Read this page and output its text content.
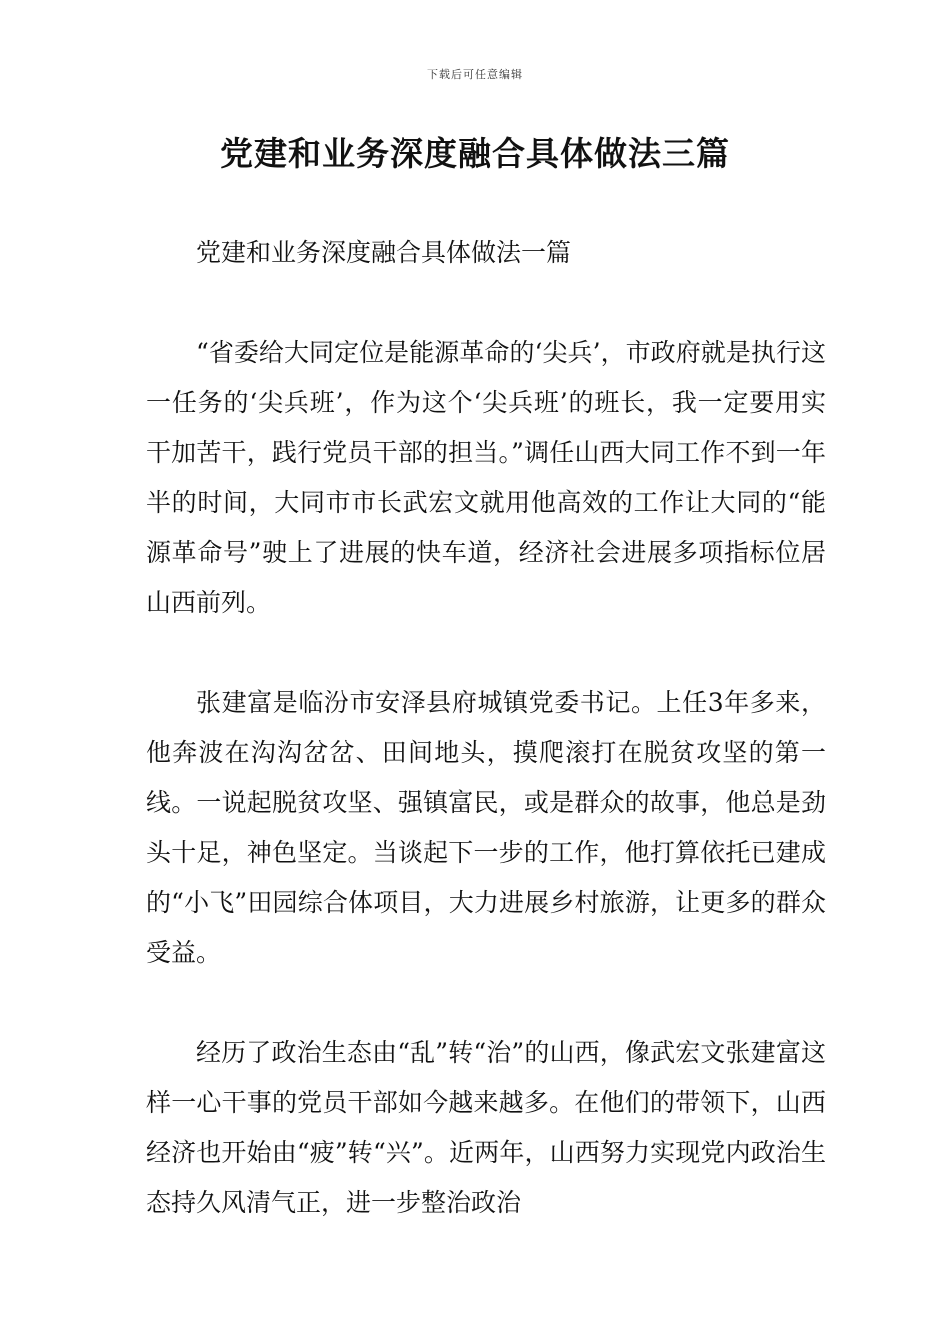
下载后可任意编辑
党建和业务深度融合具体做法三篇
党建和业务深度融合具体做法一篇

“省委给大同定位是能源革命的‘尖兵’，市政府就是执行这一任务的‘尖兵班’，作为这个‘尖兵班’的班长，我一定要用实干加苦干，践行党员干部的担当。”调任山西大同工作不到一年半的时间，大同市市长武宏文就用他高效的工作让大同的“能源革命号”驶上了进展的快车道，经济社会进展多项指标位居山西前列。

张建富是临汾市安泽县府城镇党委书记。上任3年多来，他奔波在沟沟岔岔、田间地头，摸爬滚打在脱贫攻坚的第一线。一说起脱贫攻坚、强镇富民，或是群众的故事，他总是劲头十足，神色坚定。当谈起下一步的工作，他打算依托已建成的“小飞”田园综合体项目，大力进展乡村旅游，让更多的群众受益。

经历了政治生态由“乱”转“治”的山西，像武宏文张建富这样一心干事的党员干部如今越来越多。在他们的带领下，山西经济也开始由“疲”转“兴”。近两年，山西努力实现党内政治生态持久风清气正，进一步整治政治
